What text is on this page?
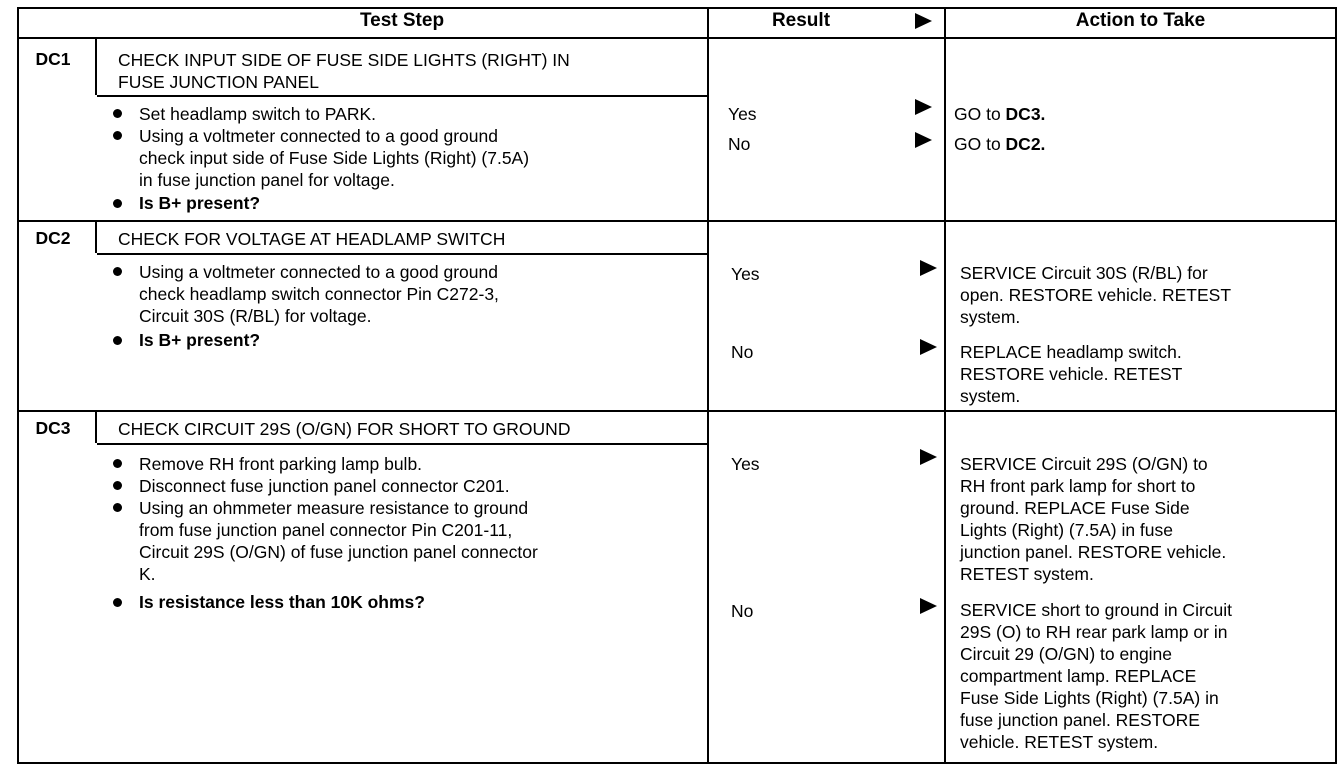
Test Step	Result	Action to Take
DC1	CHECK INPUT SIDE OF FUSE SIDE LIGHTS (RIGHT) IN
FUSE JUNCTION PANEL
Set headlamp switch to PARK.
Using a voltmeter connected to a good ground
check input side of Fuse Side Lights (Right) (7.5A)
in fuse junction panel for voltage.
Is B+ present?
Yes	GO to DC3.
No	GO to DC2.
DC2	CHECK FOR VOLTAGE AT HEADLAMP SWITCH
Using a voltmeter connected to a good ground
check headlamp switch connector Pin C272-3,
Circuit 30S (R/BL) for voltage.
Is B+ present?
Yes	SERVICE Circuit 30S (R/BL) for
open. RESTORE vehicle. RETEST
system.
No	REPLACE headlamp switch.
RESTORE vehicle. RETEST
system.
DC3	CHECK CIRCUIT 29S (O/GN) FOR SHORT TO GROUND
Remove RH front parking lamp bulb.
Disconnect fuse junction panel connector C201.
Using an ohmmeter measure resistance to ground
from fuse junction panel connector Pin C201-11,
Circuit 29S (O/GN) of fuse junction panel connector
K.
Is resistance less than 10K ohms?
Yes	SERVICE Circuit 29S (O/GN) to
RH front park lamp for short to
ground. REPLACE Fuse Side
Lights (Right) (7.5A) in fuse
junction panel. RESTORE vehicle.
RETEST system.
No	SERVICE short to ground in Circuit
29S (O) to RH rear park lamp or in
Circuit 29 (O/GN) to engine
compartment lamp. REPLACE
Fuse Side Lights (Right) (7.5A) in
fuse junction panel. RESTORE
vehicle. RETEST system.
